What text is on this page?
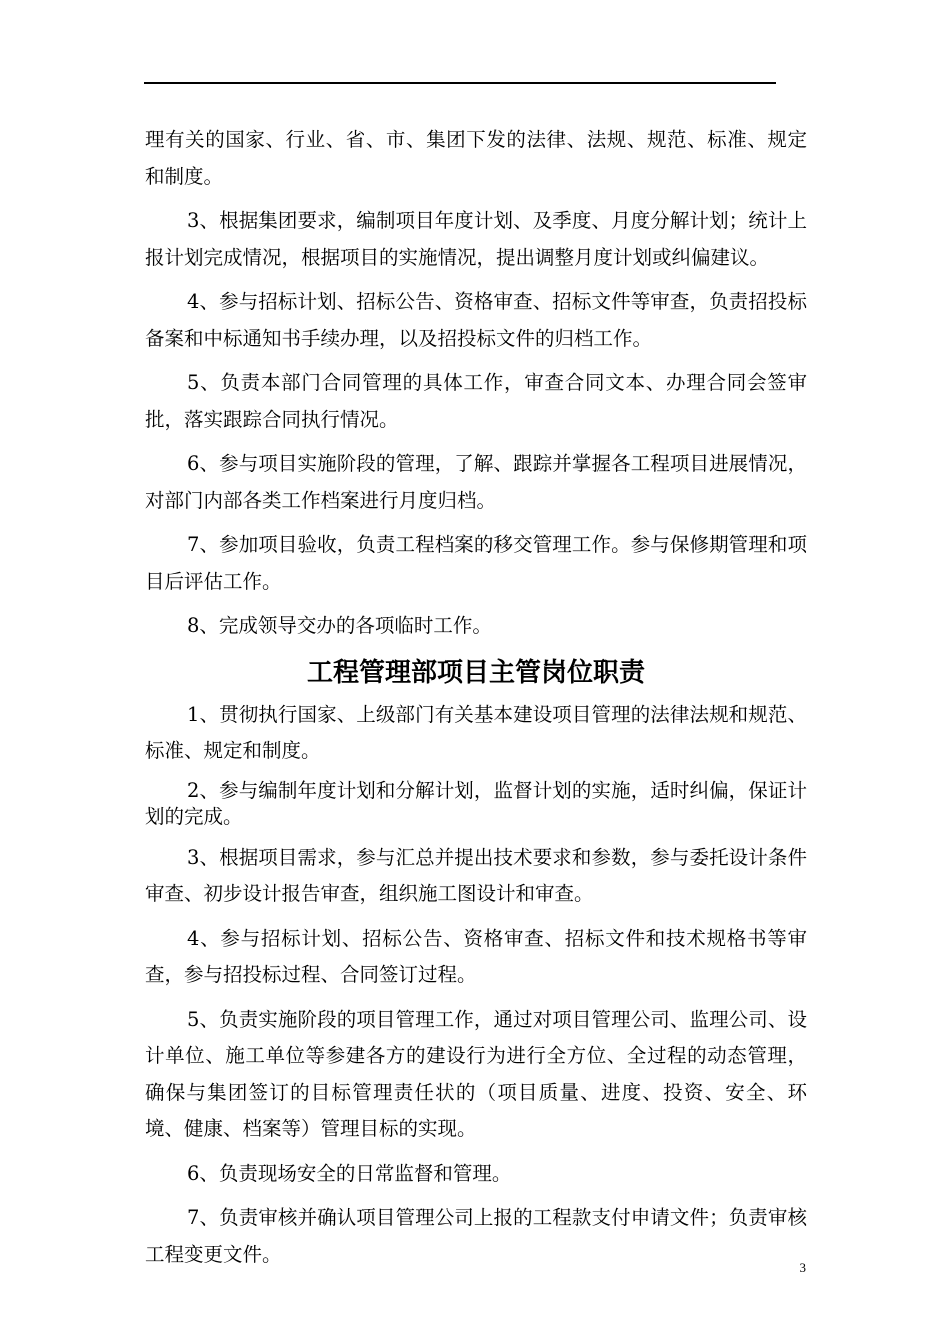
理有关的国家、行业、省、市、集团下发的法律、法规、规范、标准、规定和制度。

3、根据集团要求，编制项目年度计划、及季度、月度分解计划；统计上报计划完成情况，根据项目的实施情况，提出调整月度计划或纠偏建议。

4、参与招标计划、招标公告、资格审查、招标文件等审查，负责招投标备案和中标通知书手续办理，以及招投标文件的归档工作。

5、负责本部门合同管理的具体工作，审查合同文本、办理合同会签审批，落实跟踪合同执行情况。

6、参与项目实施阶段的管理，了解、跟踪并掌握各工程项目进展情况，对部门内部各类工作档案进行月度归档。

7、参加项目验收，负责工程档案的移交管理工作。参与保修期管理和项目后评估工作。

8、完成领导交办的各项临时工作。

工程管理部项目主管岗位职责

1、贯彻执行国家、上级部门有关基本建设项目管理的法律法规和规范、标准、规定和制度。

2、参与编制年度计划和分解计划，监督计划的实施，适时纠偏，保证计划的完成。

3、根据项目需求，参与汇总并提出技术要求和参数，参与委托设计条件审查、初步设计报告审查，组织施工图设计和审查。

4、参与招标计划、招标公告、资格审查、招标文件和技术规格书等审查，参与招投标过程、合同签订过程。

5、负责实施阶段的项目管理工作，通过对项目管理公司、监理公司、设计单位、施工单位等参建各方的建设行为进行全方位、全过程的动态管理，确保与集团签订的目标管理责任状的（项目质量、进度、投资、安全、环境、健康、档案等）管理目标的实现。

6、负责现场安全的日常监督和管理。

7、负责审核并确认项目管理公司上报的工程款支付申请文件；负责审核工程变更文件。

3
